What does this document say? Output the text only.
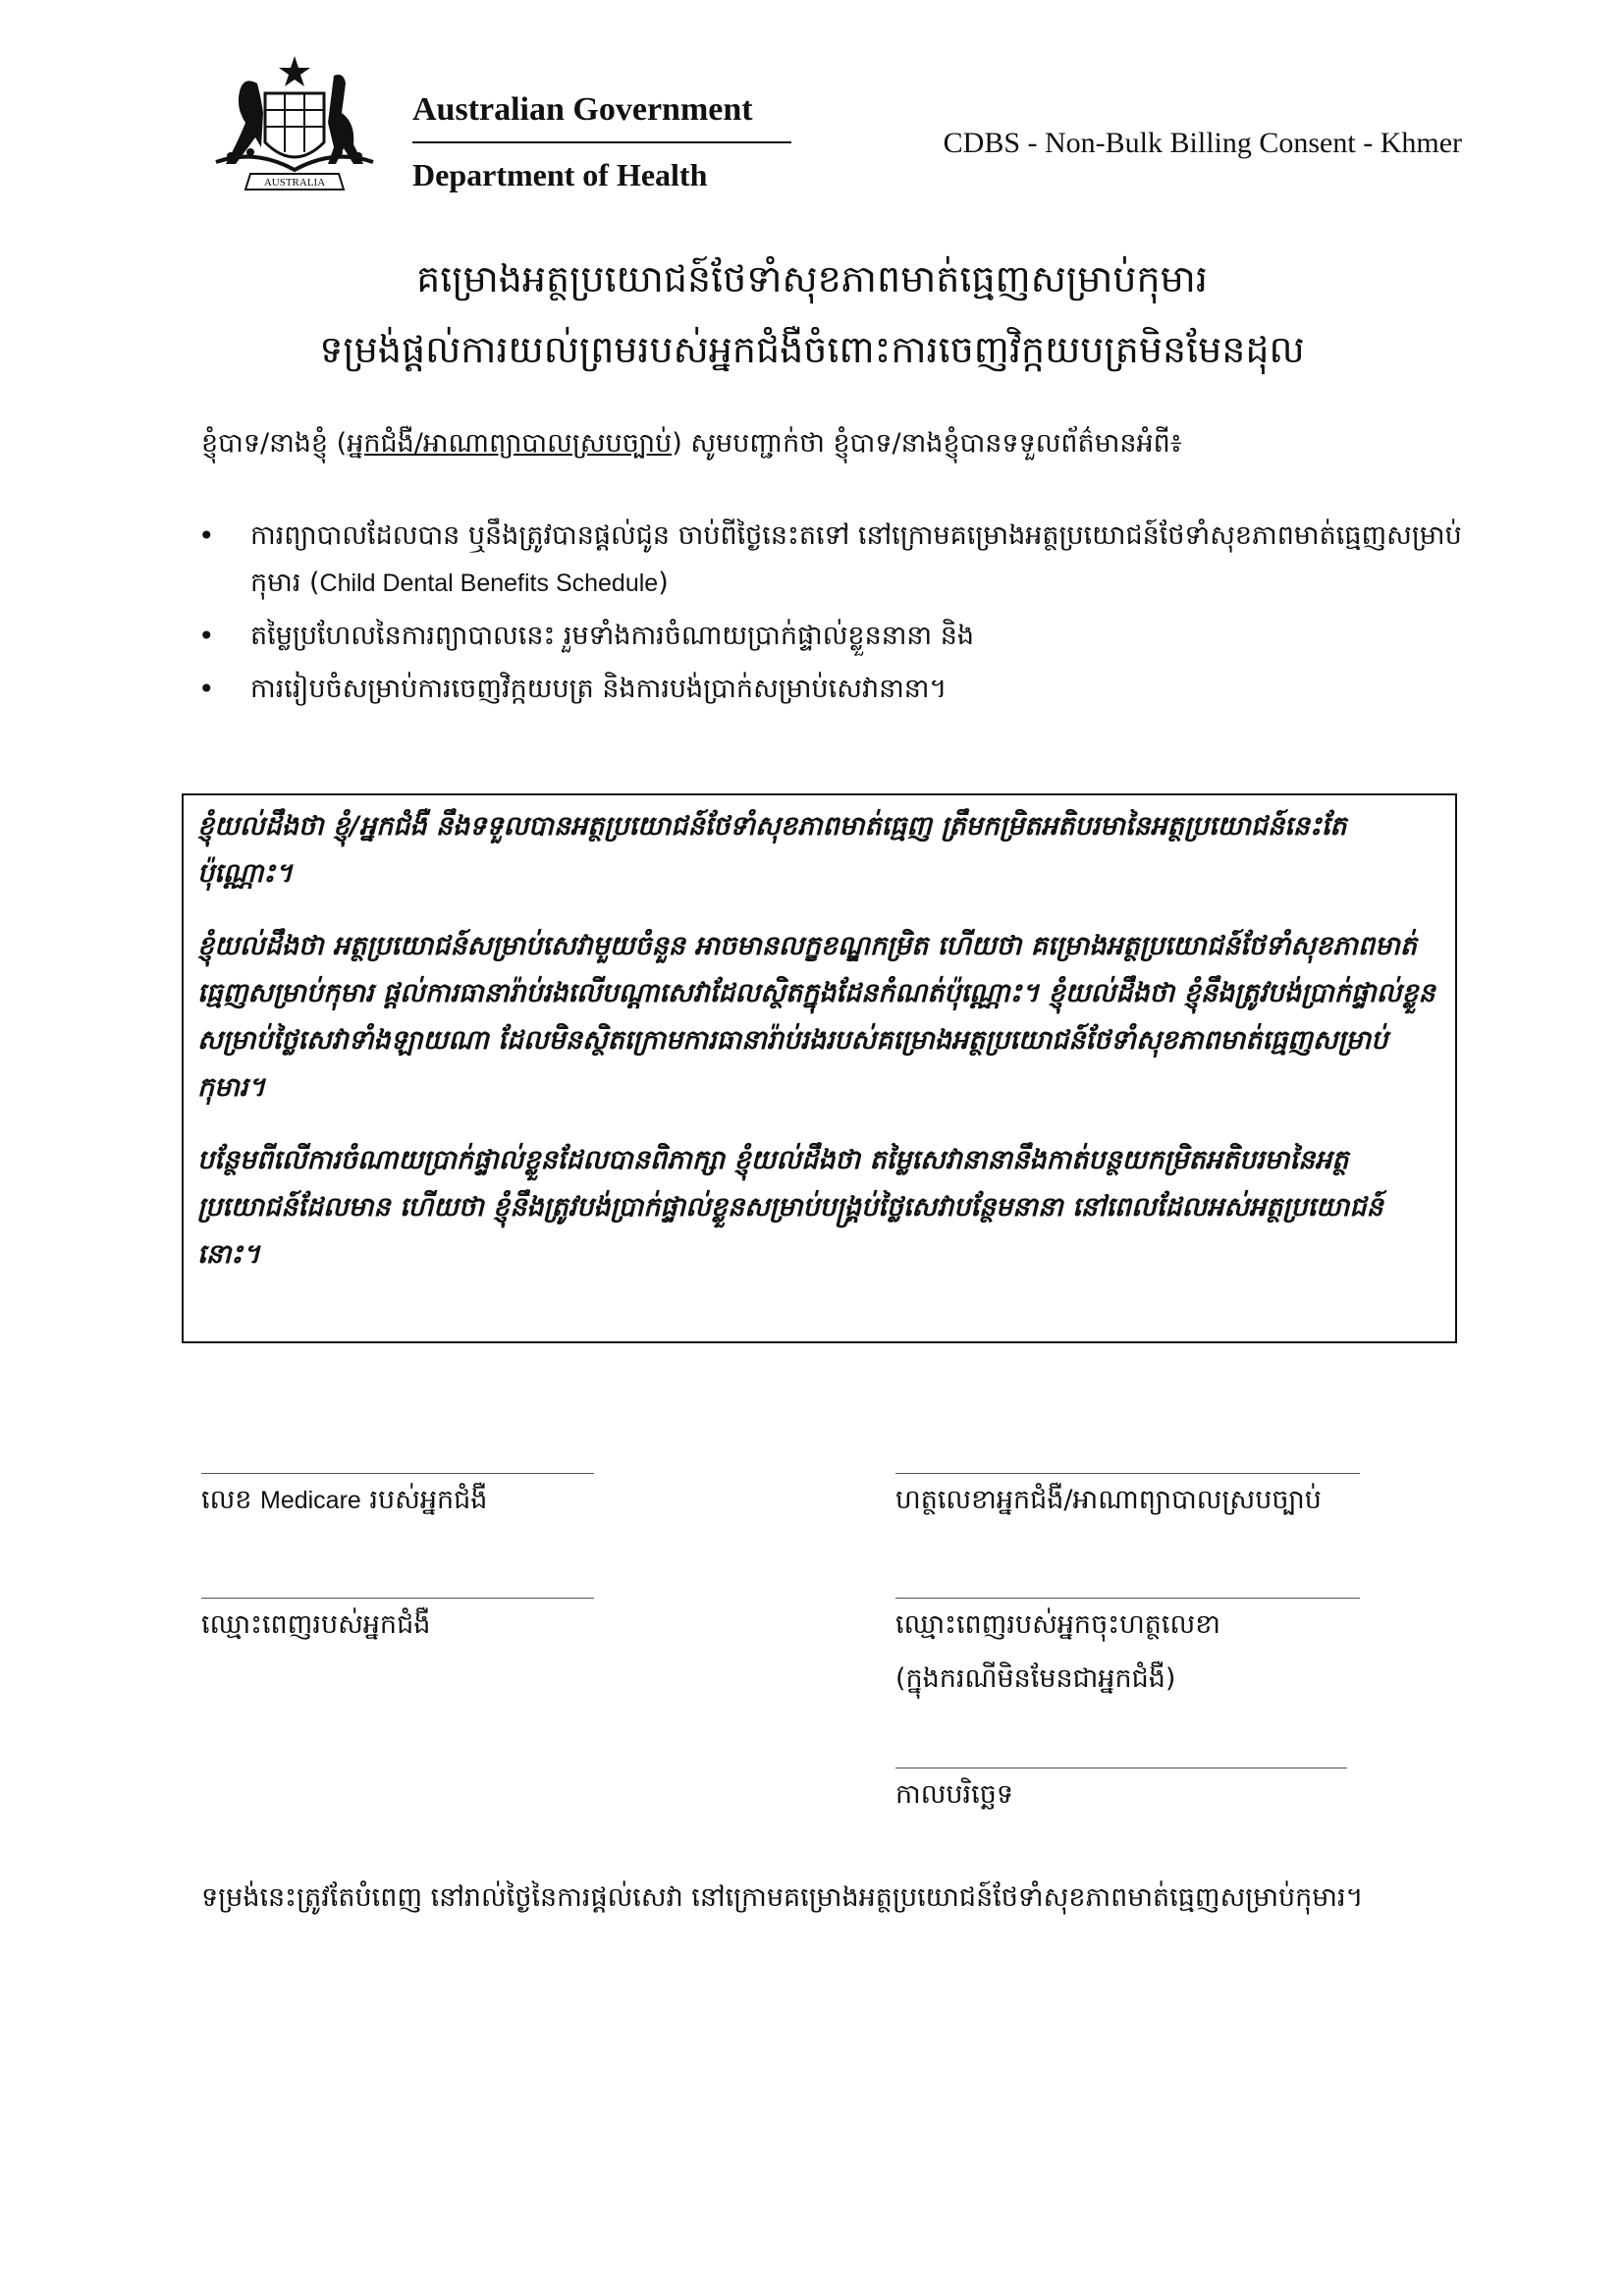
AUSTRALIA
Australian Government
Department of Health
CDBS - Non-Bulk Billing Consent - Khmer
គម្រោងអត្ថប្រយោជន៍ថែទាំសុខភាពមាត់ធ្មេញសម្រាប់កុមារ
ទម្រង់ផ្ដល់ការយល់ព្រមរបស់អ្នកជំងឺចំពោះការចេញវិក្កយបត្រមិនមែនដុល
ខ្ញុំបាទ/នាងខ្ញុំ (អ្នកជំងឺ/អាណាព្យាបាលស្របច្បាប់) សូមបញ្ជាក់ថា ខ្ញុំបាទ/នាងខ្ញុំបានទទួលព័ត៌មានអំពី៖
• ការព្យាបាលដែលបាន ឬនឹងត្រូវបានផ្ដល់ជូន ចាប់ពីថ្ងៃនេះតទៅ នៅក្រោមគម្រោងអត្ថប្រយោជន៍ថែទាំសុខភាពមាត់ធ្មេញសម្រាប់កុមារ (Child Dental Benefits Schedule)
• តម្លៃប្រហែលនៃការព្យាបាលនេះ រួមទាំងការចំណាយប្រាក់ផ្ទាល់ខ្លួននានា និង
• ការរៀបចំសម្រាប់ការចេញវិក្កយបត្រ និងការបង់ប្រាក់សម្រាប់សេវានានា។

ខ្ញុំយល់ដឹងថា ខ្ញុំ/អ្នកជំងឺ នឹងទទួលបានអត្ថប្រយោជន៍ថែទាំសុខភាពមាត់ធ្មេញ ត្រឹមកម្រិតអតិបរមានៃអត្ថប្រយោជន៍នេះតែប៉ុណ្ណោះ។

ខ្ញុំយល់ដឹងថា អត្ថប្រយោជន៍សម្រាប់សេវាមួយចំនួន អាចមានលក្ខខណ្ឌកម្រិត ហើយថា គម្រោងអត្ថប្រយោជន៍ថែទាំសុខភាពមាត់ធ្មេញសម្រាប់កុមារ ផ្ដល់ការធានារ៉ាប់រងលើបណ្ដាសេវាដែលស្ថិតក្នុងដែនកំណត់ប៉ុណ្ណោះ។ ខ្ញុំយល់ដឹងថា ខ្ញុំនឹងត្រូវបង់ប្រាក់ផ្ទាល់ខ្លួនសម្រាប់ថ្លៃសេវាទាំងឡាយណា ដែលមិនស្ថិតក្រោមការធានារ៉ាប់រងរបស់គម្រោងអត្ថប្រយោជន៍ថែទាំសុខភាពមាត់ធ្មេញសម្រាប់កុមារ។

បន្ថែមពីលើការចំណាយប្រាក់ផ្ទាល់ខ្លួនដែលបានពិភាក្សា ខ្ញុំយល់ដឹងថា តម្លៃសេវានានានឹងកាត់បន្ថយកម្រិតអតិបរមានៃអត្ថប្រយោជន៍ដែលមាន ហើយថា ខ្ញុំនឹងត្រូវបង់ប្រាក់ផ្ទាល់ខ្លួនសម្រាប់បង្គ្រប់ថ្លៃសេវាបន្ថែមនានា នៅពេលដែលអស់អត្ថប្រយោជន៍នោះ។

លេខ Medicare របស់អ្នកជំងឺ	ហត្ថលេខាអ្នកជំងឺ/អាណាព្យាបាលស្របច្បាប់
ឈ្មោះពេញរបស់អ្នកជំងឺ	ឈ្មោះពេញរបស់អ្នកចុះហត្ថលេខា
(ក្នុងករណីមិនមែនជាអ្នកជំងឺ)
កាលបរិច្ឆេទ
ទម្រង់នេះត្រូវតែបំពេញ នៅរាល់ថ្ងៃនៃការផ្ដល់សេវា នៅក្រោមគម្រោងអត្ថប្រយោជន៍ថែទាំសុខភាពមាត់ធ្មេញសម្រាប់កុមារ។
